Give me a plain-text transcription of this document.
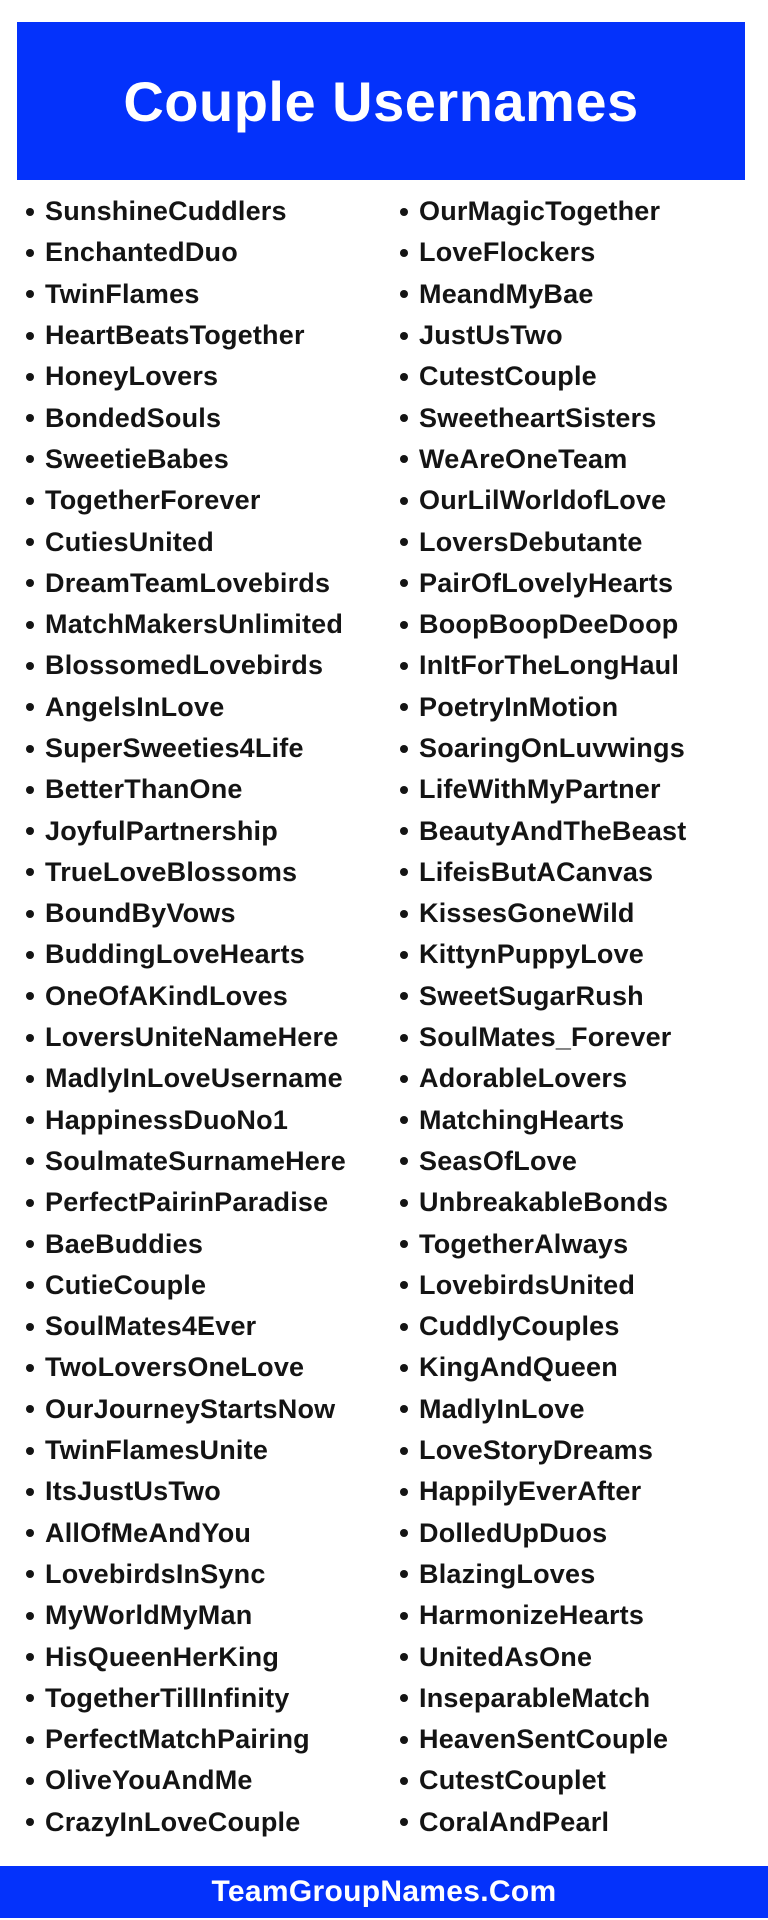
Couple Usernames
SunshineCuddlers
EnchantedDuo
TwinFlames
HeartBeatsTogether
HoneyLovers
BondedSouls
SweetieBabes
TogetherForever
CutiesUnited
DreamTeamLovebirds
MatchMakersUnlimited
BlossomedLovebirds
AngelsInLove
SuperSweeties4Life
BetterThanOne
JoyfulPartnership
TrueLoveBlossoms
BoundByVows
BuddingLoveHearts
OneOfAKindLoves
LoversUniteNameHere
MadlyInLoveUsername
HappinessDuoNo1
SoulmateSurnameHere
PerfectPairinParadise
BaeBuddies
CutieCouple
SoulMates4Ever
TwoLoversOneLove
OurJourneyStartsNow
TwinFlamesUnite
ItsJustUsTwo
AllOfMeAndYou
LovebirdsInSync
MyWorldMyMan
HisQueenHerKing
TogetherTillInfinity
PerfectMatchPairing
OliveYouAndMe
CrazyInLoveCouple
OurMagicTogether
LoveFlockers
MeandMyBae
JustUsTwo
CutestCouple
SweetheartSisters
WeAreOneTeam
OurLilWorldofLove
LoversDebutante
PairOfLovelyHearts
BoopBoopDeeDoop
InItForTheLongHaul
PoetryInMotion
SoaringOnLuvwings
LifeWithMyPartner
BeautyAndTheBeast
LifeisButACanvas
KissesGoneWild
KittynPuppyLove
SweetSugarRush
SoulMates_Forever
AdorableLovers
MatchingHearts
SeasOfLove
UnbreakableBonds
TogetherAlways
LovebirdsUnited
CuddlyCouples
KingAndQueen
MadlyInLove
LoveStoryDreams
HappilyEverAfter
DolledUpDuos
BlazingLoves
HarmonizeHearts
UnitedAsOne
InseparableMatch
HeavenSentCouple
CutestCouplet
CoralAndPearl
TeamGroupNames.Com
